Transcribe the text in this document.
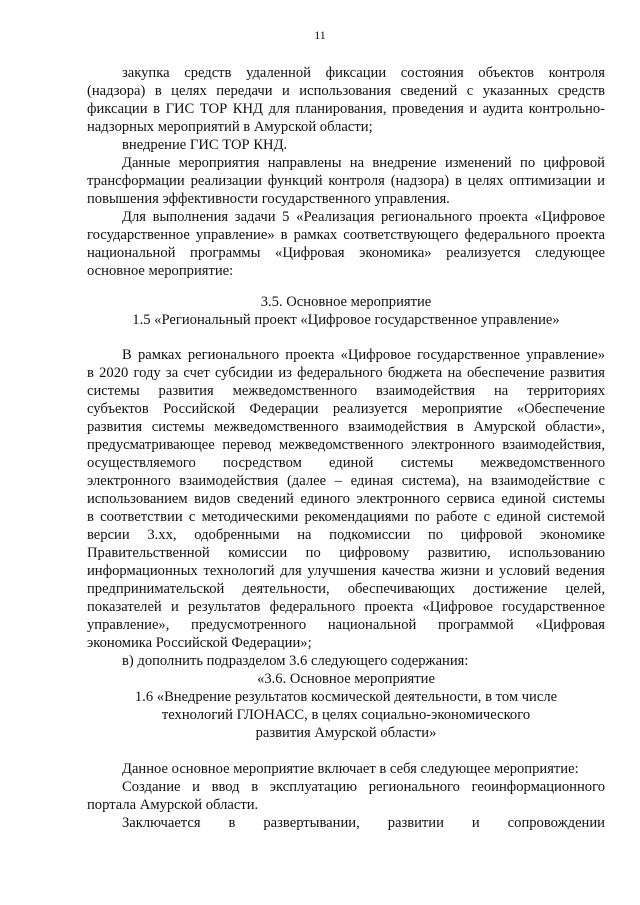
11
закупка средств удаленной фиксации состояния объектов контроля
(надзора) в целях передачи и использования сведений с указанных средств
фиксации в ГИС ТОР КНД для планирования, проведения и аудита контрольно-
надзорных мероприятий в Амурской области;
внедрение ГИС ТОР КНД.
Данные мероприятия направлены на внедрение изменений по цифровой
трансформации реализации функций контроля (надзора) в целях оптимизации и
повышения эффективности государственного управления.
Для выполнения задачи 5 «Реализация регионального проекта «Цифровое
государственное управление» в рамках соответствующего федерального проекта
национальной программы «Цифровая экономика» реализуется следующее
основное мероприятие:
3.5. Основное мероприятие
1.5 «Региональный проект «Цифровое государственное управление»
В рамках регионального проекта «Цифровое государственное управление»
в 2020 году за счет субсидии из федерального бюджета на обеспечение развития
системы развития межведомственного взаимодействия на территориях
субъектов Российской Федерации реализуется мероприятие «Обеспечение
развития системы межведомственного взаимодействия в Амурской области»,
предусматривающее перевод межведомственного электронного взаимодействия,
осуществляемого посредством единой системы межведомственного
электронного взаимодействия (далее – единая система), на взаимодействие с
использованием видов сведений единого электронного сервиса единой системы
в соответствии с методическими рекомендациями по работе с единой системой
версии 3.xx, одобренными на подкомиссии по цифровой экономике
Правительственной комиссии по цифровому развитию, использованию
информационных технологий для улучшения качества жизни и условий ведения
предпринимательской деятельности, обеспечивающих достижение целей,
показателей и результатов федерального проекта «Цифровое государственное
управление», предусмотренного национальной программой «Цифровая
экономика Российской Федерации»;
в) дополнить подразделом 3.6 следующего содержания:
«3.6. Основное мероприятие
1.6 «Внедрение результатов космической деятельности, в том числе
технологий ГЛОНАСС, в целях социально-экономического
развития Амурской области»
Данное основное мероприятие включает в себя следующее мероприятие:
Создание и ввод в эксплуатацию регионального геоинформационного
портала Амурской области.
Заключается в развертывании, развитии и сопровождении
